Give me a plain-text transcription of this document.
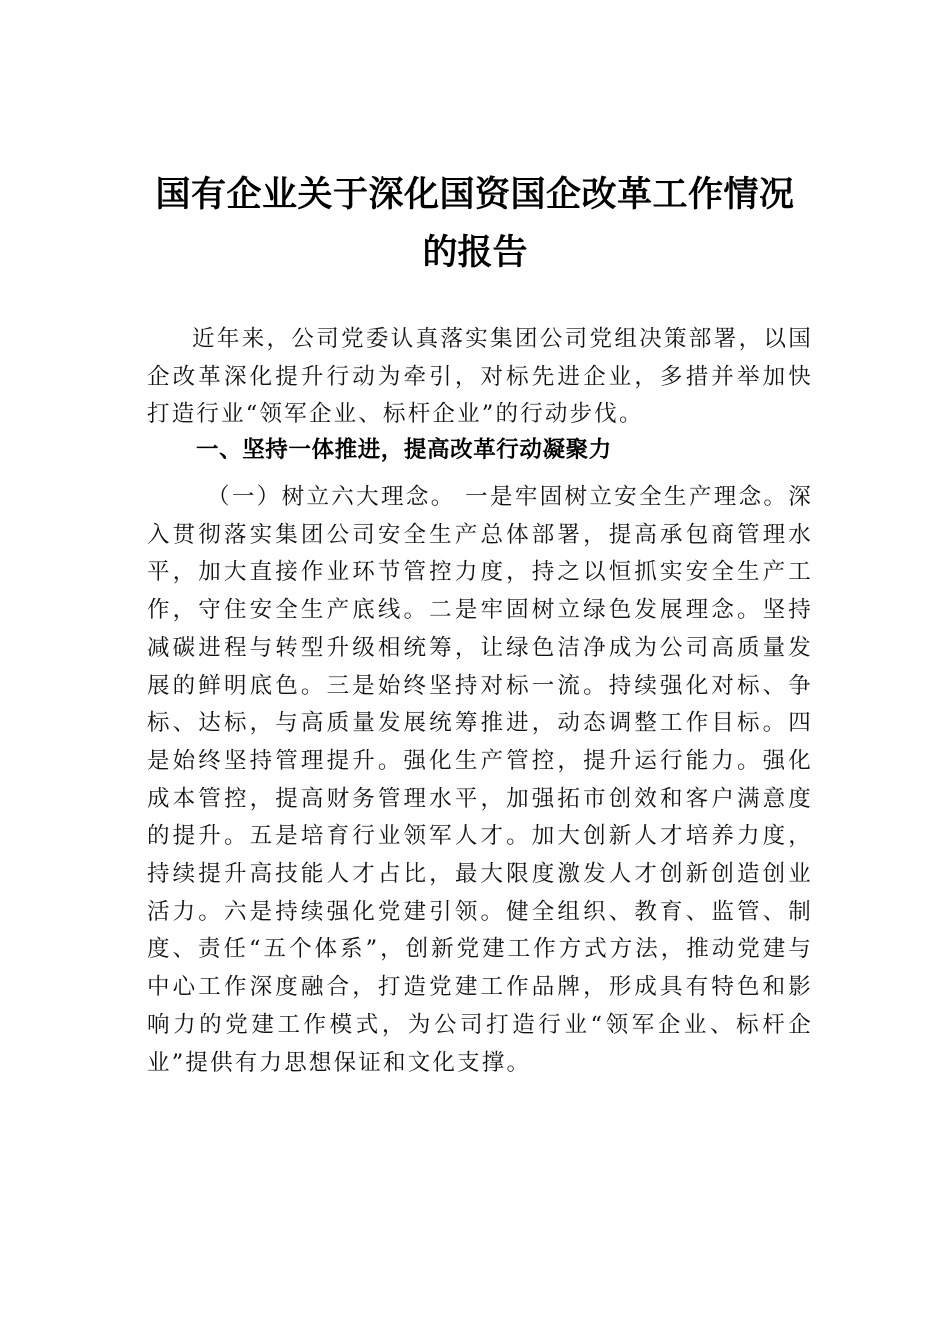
国有企业关于深化国资国企改革工作情况
的报告

近年来，公司党委认真落实集团公司党组决策部署，以国企改革深化提升行动为牵引，对标先进企业，多措并举加快打造行业“领军企业、标杆企业”的行动步伐。

一、坚持一体推进，提高改革行动凝聚力

（一）树立六大理念。 一是牢固树立安全生产理念。深入贯彻落实集团公司安全生产总体部署，提高承包商管理水平，加大直接作业环节管控力度，持之以恒抓实安全生产工作，守住安全生产底线。二是牢固树立绿色发展理念。坚持减碳进程与转型升级相统筹，让绿色洁净成为公司高质量发展的鲜明底色。三是始终坚持对标一流。持续强化对标、争标、达标，与高质量发展统筹推进，动态调整工作目标。四是始终坚持管理提升。强化生产管控，提升运行能力。强化成本管控，提高财务管理水平，加强拓市创效和客户满意度的提升。五是培育行业领军人才。加大创新人才培养力度，持续提升高技能人才占比，最大限度激发人才创新创造创业活力。六是持续强化党建引领。健全组织、教育、监管、制度、责任“五个体系”，创新党建工作方式方法，推动党建与中心工作深度融合，打造党建工作品牌，形成具有特色和影响力的党建工作模式，为公司打造行业“领军企业、标杆企业”提供有力思想保证和文化支撑。
